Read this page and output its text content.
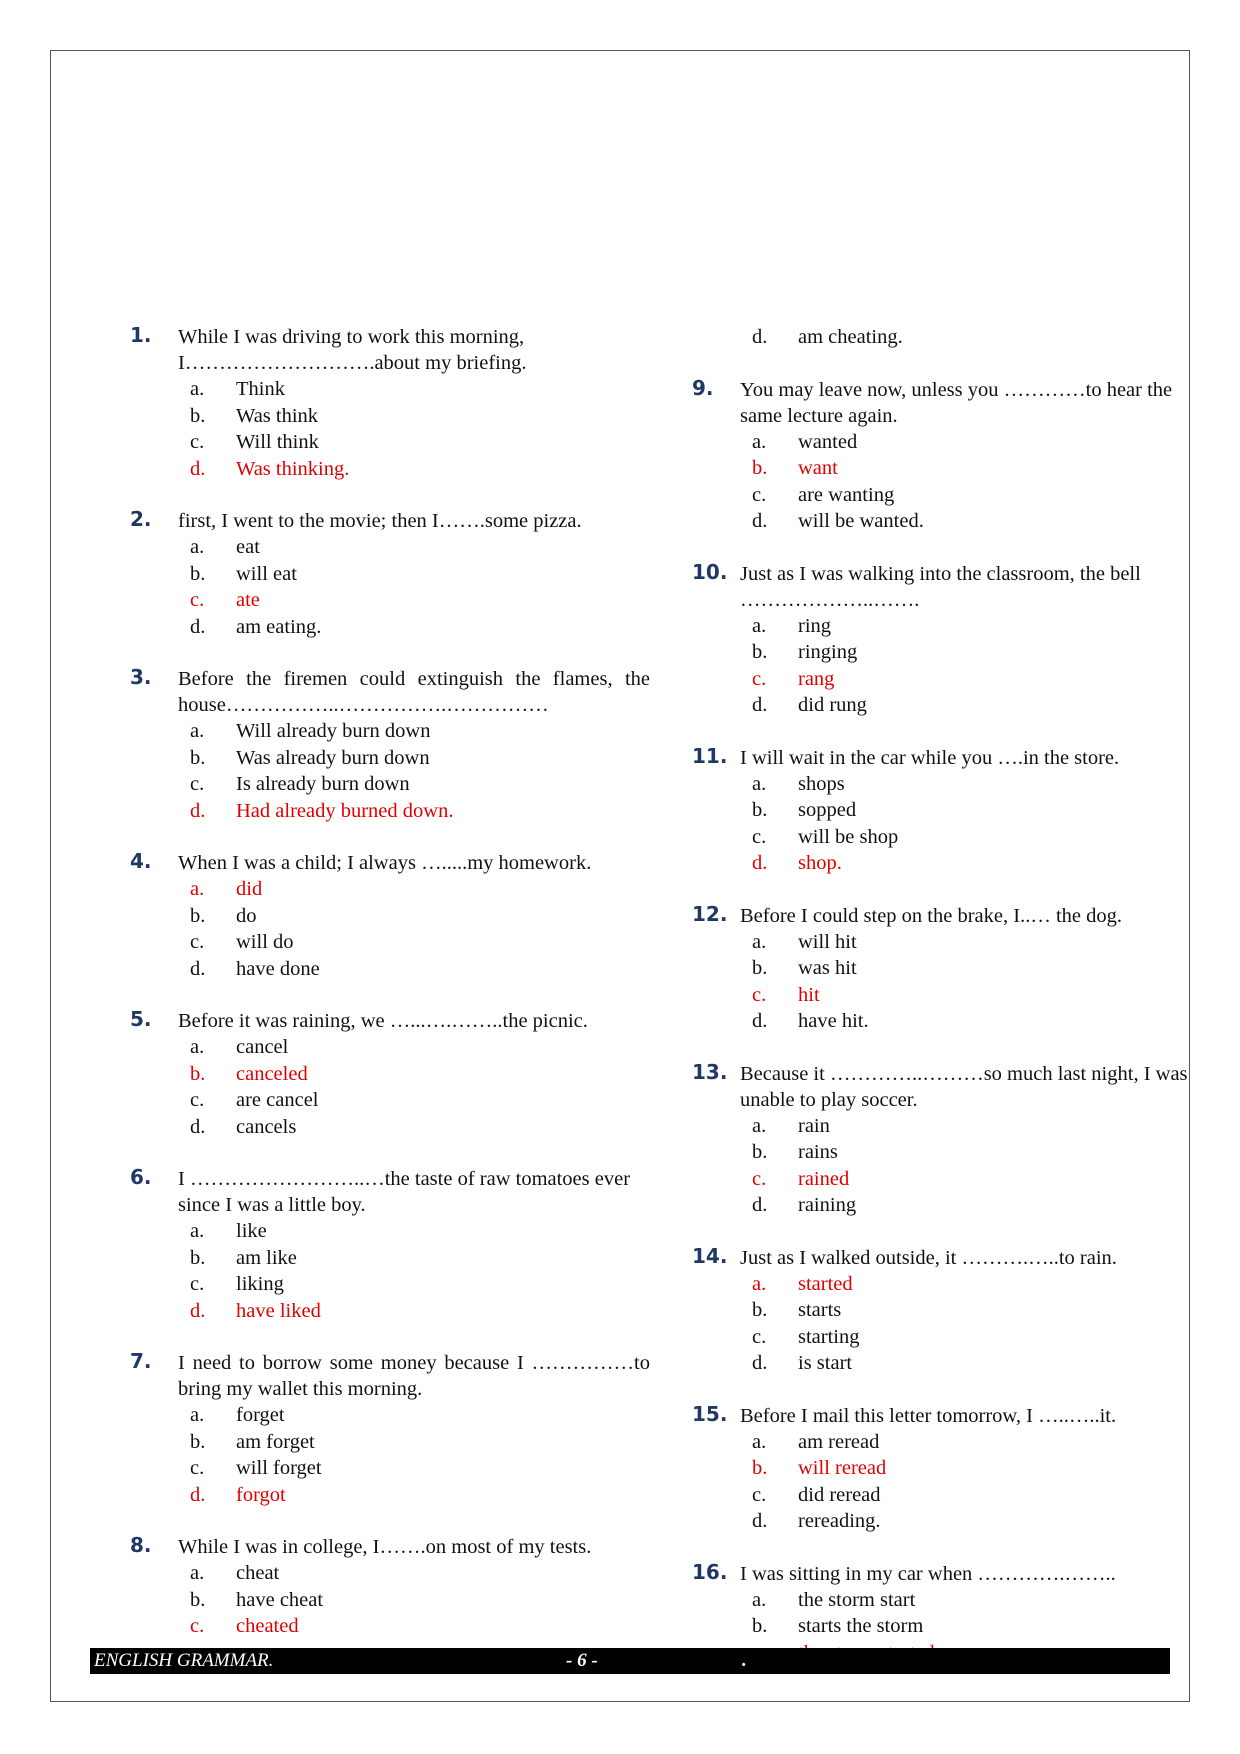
1. While I was driving to work this morning, I……………………….about my briefing.
a. Think
b. Was think
c. Will think
d. Was thinking.
2. first, I went to the movie; then I…….some pizza.
a. eat
b. will eat
c. ate
d. am eating.
3. Before the firemen could extinguish the flames, the house……………..…………….……………
a. Will already burn down
b. Was already burn down
c. Is already burn down
d. Had already burned down.
4. When I was a child; I always ….....my homework.
a. did
b. do
c. will do
d. have done
5. Before it was raining, we …...….……..the picnic.
a. cancel
b. canceled
c. are cancel
d. cancels
6. I ……………………..…the taste of raw tomatoes ever since I was a little boy.
a. like
b. am like
c. liking
d. have liked
7. I need to borrow some money because I ……………to bring my wallet this morning.
a. forget
b. am forget
c. will forget
d. forgot
8. While I was in college, I…….on most of my tests.
a. cheat
b. have cheat
c. cheated
d. am cheating.
9. You may leave now, unless you …………to hear the same lecture again.
a. wanted
b. want
c. are wanting
d. will be wanted.
10. Just as I was walking into the classroom, the bell ………………..…….
a. ring
b. ringing
c. rang
d. did rung
11. I will wait in the car while you ….in the store.
a. shops
b. sopped
c. will be shop
d. shop.
12. Before I could step on the brake, I..… the dog.
a. will hit
b. was hit
c. hit
d. have hit.
13. Because it …………..………so much last night, I was unable to play soccer.
a. rain
b. rains
c. rained
d. raining
14. Just as I walked outside, it ……….…..to rain.
a. started
b. starts
c. starting
d. is start
15. Before I mail this letter tomorrow, I …..…..it.
a. am reread
b. will reread
c. did reread
d. rereading.
16. I was sitting in my car when ………….……..
a. the storm start
b. starts the storm
ENGLISH GRAMMAR.	- 6 -	.
